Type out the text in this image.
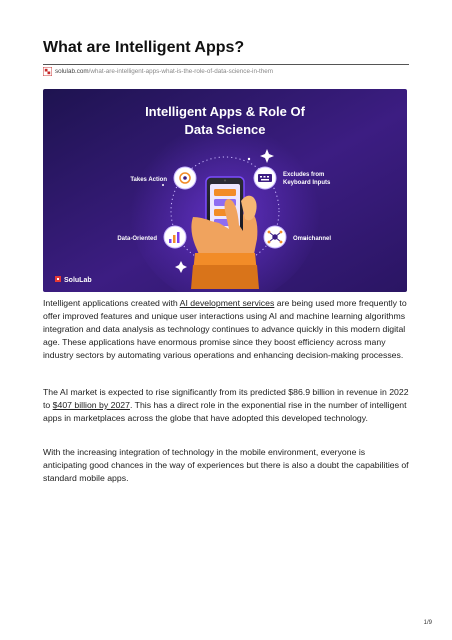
What are Intelligent Apps?
solulab.com/what-are-intelligent-apps-what-is-the-role-of-data-science-in-them
Intelligent Apps & Role Of
Data Science
Takes Action
Excludes from
Keyboard Inputs
Data-Oriented	Omnichannel
SoluLab

Intelligent applications created with AI development services are being used more frequently to offer improved features and unique user interactions using AI and machine learning algorithms integration and data analysis as technology continues to advance quickly in this modern digital age. These applications have enormous promise since they boost efficiency across many industry sectors by automating various operations and enhancing decision-making processes.

The AI market is expected to rise significantly from its predicted $86.9 billion in revenue in 2022 to $407 billion by 2027. This has a direct role in the exponential rise in the number of intelligent apps in marketplaces across the globe that have adopted this developed technology.

With the increasing integration of technology in the mobile environment, everyone is anticipating good chances in the way of experiences but there is also a doubt the capabilities of standard mobile apps.

1/9
